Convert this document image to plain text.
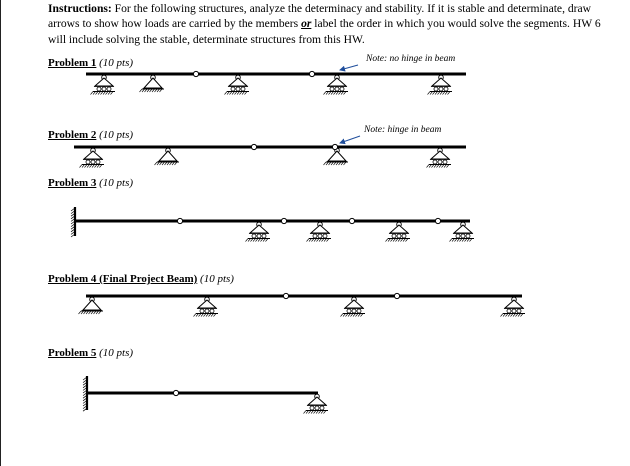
Instructions: For the following structures, analyze the determinacy and stability. If it is stable and determinate, draw arrows to show how loads are carried by the members or label the order in which you would solve the segments. HW 6 will include solving the stable, determinate structures from this HW.
Problem 1 (10 pts)
Problem 2 (10 pts)
Problem 3 (10 pts)
Problem 4 (Final Project Beam) (10 pts)
Problem 5 (10 pts)
Note: no hinge in beam
Note: hinge in beam
